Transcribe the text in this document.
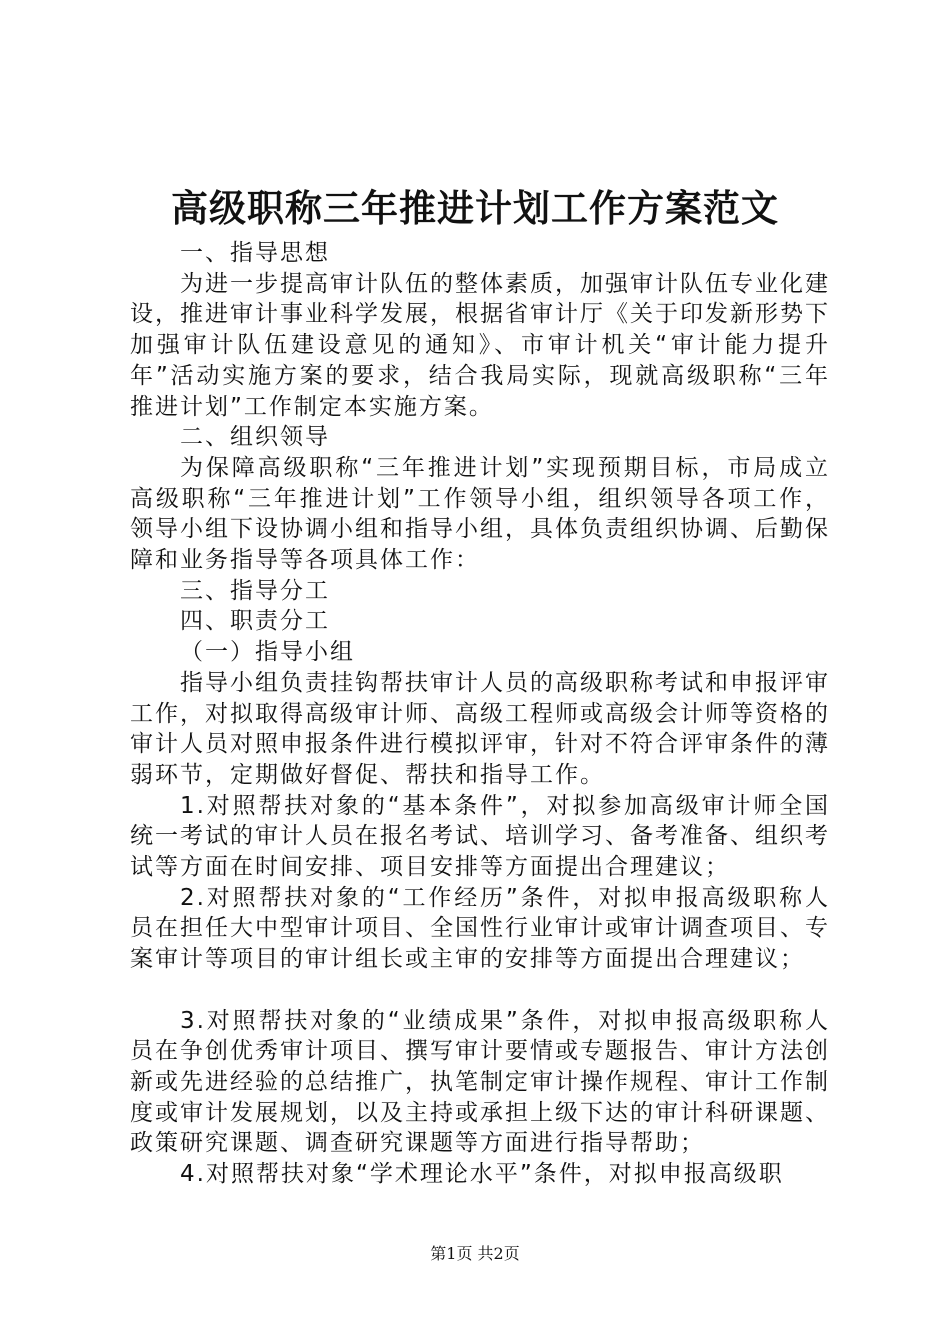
高级职称三年推进计划工作方案范文

一、指导思想

为进一步提高审计队伍的整体素质，加强审计队伍专业化建设，推进审计事业科学发展，根据省审计厅《关于印发新形势下加强审计队伍建设意见的通知》、市审计机关“审计能力提升年”活动实施方案的要求，结合我局实际，现就高级职称“三年推进计划”工作制定本实施方案。

二、组织领导

为保障高级职称“三年推进计划”实现预期目标，市局成立高级职称“三年推进计划”工作领导小组，组织领导各项工作，领导小组下设协调小组和指导小组，具体负责组织协调、后勤保障和业务指导等各项具体工作：

三、指导分工

四、职责分工

（一）指导小组

指导小组负责挂钩帮扶审计人员的高级职称考试和申报评审工作，对拟取得高级审计师、高级工程师或高级会计师等资格的审计人员对照申报条件进行模拟评审，针对不符合评审条件的薄弱环节，定期做好督促、帮扶和指导工作。

1.对照帮扶对象的“基本条件”，对拟参加高级审计师全国统一考试的审计人员在报名考试、培训学习、备考准备、组织考试等方面在时间安排、项目安排等方面提出合理建议；

2.对照帮扶对象的“工作经历”条件，对拟申报高级职称人员在担任大中型审计项目、全国性行业审计或审计调查项目、专案审计等项目的审计组长或主审的安排等方面提出合理建议；

3.对照帮扶对象的“业绩成果”条件，对拟申报高级职称人员在争创优秀审计项目、撰写审计要情或专题报告、审计方法创新或先进经验的总结推广，执笔制定审计操作规程、审计工作制度或审计发展规划，以及主持或承担上级下达的审计科研课题、政策研究课题、调查研究课题等方面进行指导帮助；

4.对照帮扶对象“学术理论水平”条件，对拟申报高级职

第1页 共2页
